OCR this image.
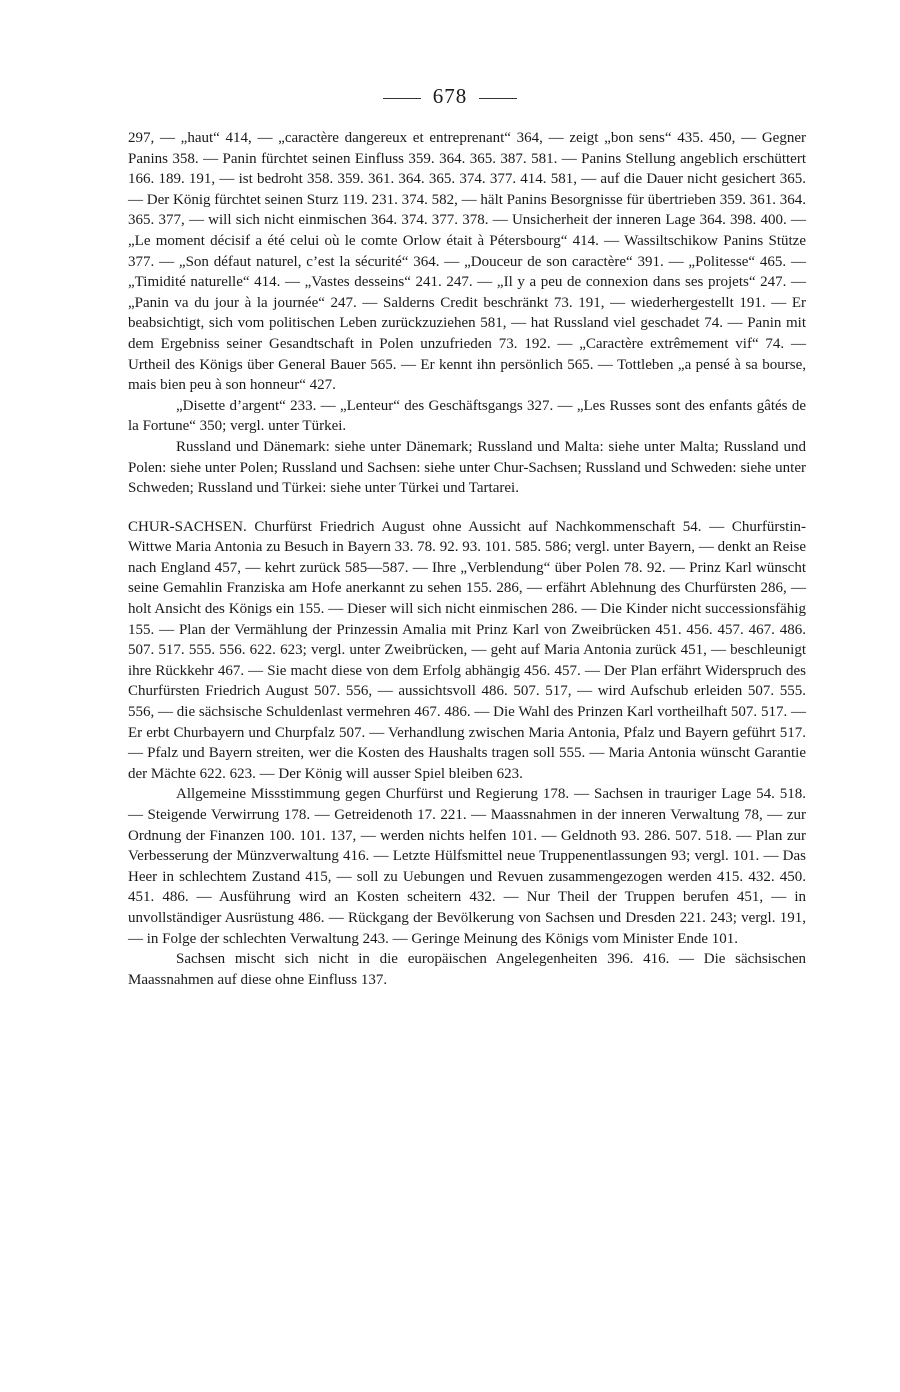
678

297, — „haut“ 414, — „caractère dangereux et entreprenant“ 364, — zeigt „bon sens“ 435. 450, — Gegner Panins 358. — Panin fürchtet seinen Einfluss 359. 364. 365. 387. 581. — Panins Stellung angeblich erschüttert 166. 189. 191, — ist bedroht 358. 359. 361. 364. 365. 374. 377. 414. 581, — auf die Dauer nicht gesichert 365. — Der König fürchtet seinen Sturz 119. 231. 374. 582, — hält Panins Besorgnisse für übertrieben 359. 361. 364. 365. 377, — will sich nicht einmischen 364. 374. 377. 378. — Unsicherheit der inneren Lage 364. 398. 400. — „Le moment décisif a été celui où le comte Orlow était à Pétersbourg“ 414. — Wassiltschikow Panins Stütze 377. — „Son défaut naturel, c’est la sécurité“ 364. — „Douceur de son caractère“ 391. — „Politesse“ 465. — „Timidité naturelle“ 414. — „Vastes desseins“ 241. 247. — „Il y a peu de connexion dans ses projets“ 247. — „Panin va du jour à la journée“ 247. — Salderns Credit beschränkt 73. 191, — wiederhergestellt 191. — Er beabsichtigt, sich vom politischen Leben zurückzuziehen 581, — hat Russland viel geschadet 74. — Panin mit dem Ergebniss seiner Gesandtschaft in Polen unzufrieden 73. 192. — „Caractère extrêmement vif“ 74. — Urtheil des Königs über General Bauer 565. — Er kennt ihn persönlich 565. — Tottleben „a pensé à sa bourse, mais bien peu à son honneur“ 427.

„Disette d’argent“ 233. — „Lenteur“ des Geschäftsgangs 327. — „Les Russes sont des enfants gâtés de la Fortune“ 350; vergl. unter Türkei.

Russland und Dänemark: siehe unter Dänemark; Russland und Malta: siehe unter Malta; Russland und Polen: siehe unter Polen; Russland und Sachsen: siehe unter Chur-Sachsen; Russland und Schweden: siehe unter Schweden; Russland und Türkei: siehe unter Türkei und Tartarei.

CHUR-SACHSEN. Churfürst Friedrich August ohne Aussicht auf Nachkommenschaft 54. — Churfürstin-Wittwe Maria Antonia zu Besuch in Bayern 33. 78. 92. 93. 101. 585. 586; vergl. unter Bayern, — denkt an Reise nach England 457, — kehrt zurück 585—587. — Ihre „Verblendung“ über Polen 78. 92. — Prinz Karl wünscht seine Gemahlin Franziska am Hofe anerkannt zu sehen 155. 286, — erfährt Ablehnung des Churfürsten 286, — holt Ansicht des Königs ein 155. — Dieser will sich nicht einmischen 286. — Die Kinder nicht successionsfähig 155. — Plan der Vermählung der Prinzessin Amalia mit Prinz Karl von Zweibrücken 451. 456. 457. 467. 486. 507. 517. 555. 556. 622. 623; vergl. unter Zweibrücken, — geht auf Maria Antonia zurück 451, — beschleunigt ihre Rückkehr 467. — Sie macht diese von dem Erfolg abhängig 456. 457. — Der Plan erfährt Widerspruch des Churfürsten Friedrich August 507. 556, — aussichtsvoll 486. 507. 517, — wird Aufschub erleiden 507. 555. 556, — die sächsische Schuldenlast vermehren 467. 486. — Die Wahl des Prinzen Karl vortheilhaft 507. 517. — Er erbt Churbayern und Churpfalz 507. — Verhandlung zwischen Maria Antonia, Pfalz und Bayern geführt 517. — Pfalz und Bayern streiten, wer die Kosten des Haushalts tragen soll 555. — Maria Antonia wünscht Garantie der Mächte 622. 623. — Der König will ausser Spiel bleiben 623.

Allgemeine Missstimmung gegen Churfürst und Regierung 178. — Sachsen in trauriger Lage 54. 518. — Steigende Verwirrung 178. — Getreidenoth 17. 221. — Maassnahmen in der inneren Verwaltung 78, — zur Ordnung der Finanzen 100. 101. 137, — werden nichts helfen 101. — Geldnoth 93. 286. 507. 518. — Plan zur Verbesserung der Münzverwaltung 416. — Letzte Hülfsmittel neue Truppenentlassungen 93; vergl. 101. — Das Heer in schlechtem Zustand 415, — soll zu Uebungen und Revuen zusammengezogen werden 415. 432. 450. 451. 486. — Ausführung wird an Kosten scheitern 432. — Nur Theil der Truppen berufen 451, — in unvollständiger Ausrüstung 486. — Rückgang der Bevölkerung von Sachsen und Dresden 221. 243; vergl. 191, — in Folge der schlechten Verwaltung 243. — Geringe Meinung des Königs vom Minister Ende 101.

Sachsen mischt sich nicht in die europäischen Angelegenheiten 396. 416. — Die sächsischen Maassnahmen auf diese ohne Einfluss 137.
